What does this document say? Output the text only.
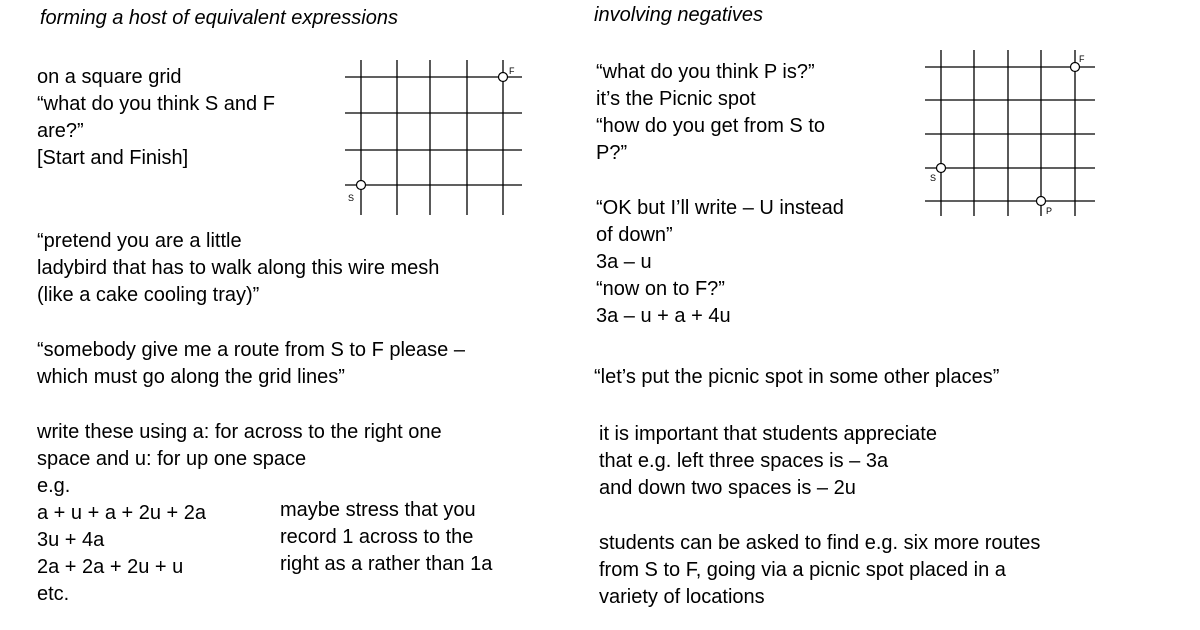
forming a host of equivalent expressions
on a square grid
“what do you think S and F
are?”
[Start and Finish]
“pretend you are a little
ladybird that has to walk along this wire mesh
(like a cake cooling tray)”
“somebody give me a route from S to F please –
which must go along the grid lines”
write these using a: for across to the right one
space and u: for up one space
e.g.
a + u + a + 2u + 2a
3u + 4a
2a + 2a + 2u + u
etc.
maybe stress that you
record 1 across to the
right as a rather than 1a
S
F
involving negatives
“what do you think P is?”
it’s the Picnic spot
“how do you get from S to
P?”
“OK but I’ll write – U instead
of down”
3a – u
“now on to F?”
3a – u + a + 4u
“let’s put the picnic spot in some other places”
it is important that students appreciate
that e.g. left three spaces is – 3a
and down two spaces is – 2u
students can be asked to find e.g. six more routes
from S to F, going via a picnic spot placed in a
variety of locations
S
F
P
